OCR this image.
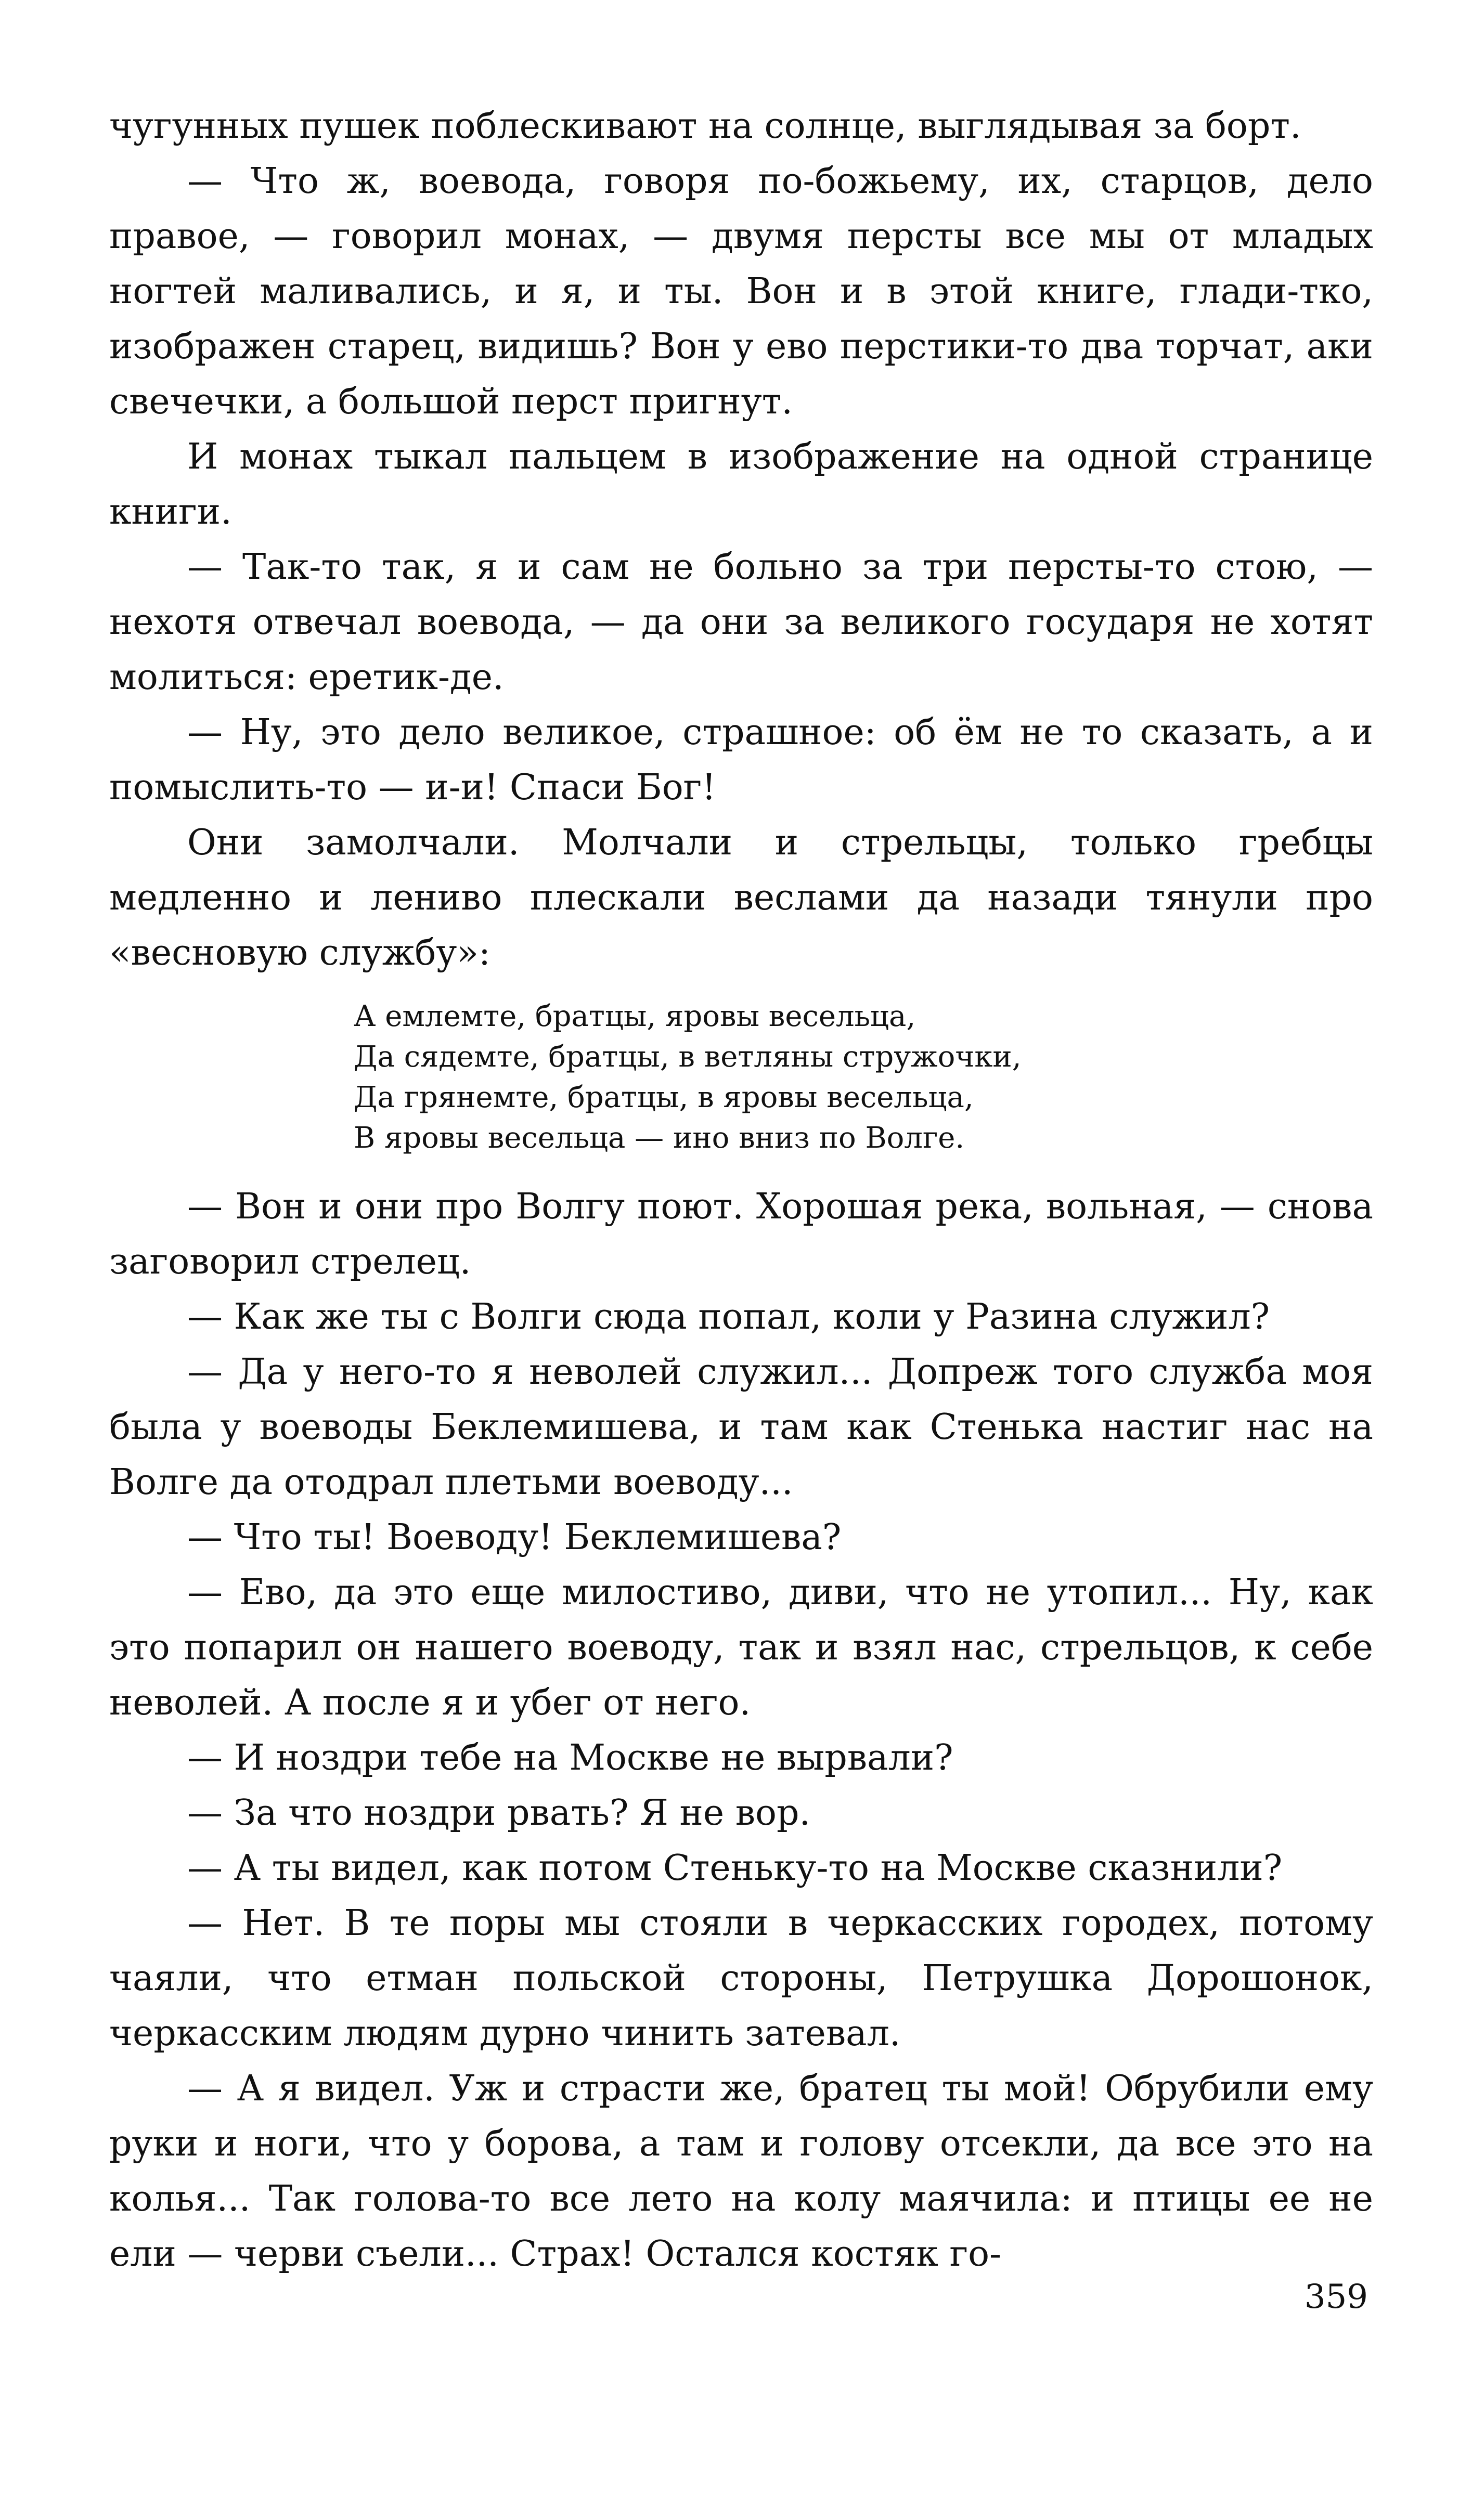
чугунных пушек поблескивают на солнце, выглядывая за борт.

— Что ж, воевода, говоря по-божьему, их, старцов, дело правое, — говорил монах, — двумя персты все мы от младых ногтей маливались, и я, и ты. Вон и в этой книге, глади-тко, изображен старец, видишь? Вон у ево перстики-то два торчат, аки свечечки, а большой перст пригнут.

И монах тыкал пальцем в изображение на одной странице книги.

— Так-то так, я и сам не больно за три персты-то стою, — нехотя отвечал воевода, — да они за великого государя не хотят молиться: еретик-де.

— Ну, это дело великое, страшное: об ём не то сказать, а и помыслить-то — и-и! Спаси Бог!

Они замолчали. Молчали и стрельцы, только гребцы медленно и лениво плескали веслами да назади тянули про «весновую службу»:

А емлемте, братцы, яровы весельца,
Да сядемте, братцы, в ветляны стружочки,
Да грянемте, братцы, в яровы весельца,
В яровы весельца — ино вниз по Волге.

— Вон и они про Волгу поют. Хорошая река, вольная, — снова заговорил стрелец.

— Как же ты с Волги сюда попал, коли у Разина служил?

— Да у него-то я неволей служил... Допреж того служба моя была у воеводы Беклемишева, и там как Стенька настиг нас на Волге да отодрал плетьми воеводу...

— Что ты! Воеводу! Беклемишева?

— Ево, да это еще милостиво, диви, что не утопил... Ну, как это попарил он нашего воеводу, так и взял нас, стрельцов, к себе неволей. А после я и убег от него.

— И ноздри тебе на Москве не вырвали?

— За что ноздри рвать? Я не вор.

— А ты видел, как потом Стеньку-то на Москве сказнили?

— Нет. В те поры мы стояли в черкасских городех, потому чаяли, что етман польской стороны, Петрушка Дорошонок, черкасским людям дурно чинить затевал.

— А я видел. Уж и страсти же, братец ты мой! Обрубили ему руки и ноги, что у борова, а там и голову отсекли, да все это на колья... Так голова-то все лето на колу маячила: и птицы ее не ели — черви съели... Страх! Остался костяк го-

359
